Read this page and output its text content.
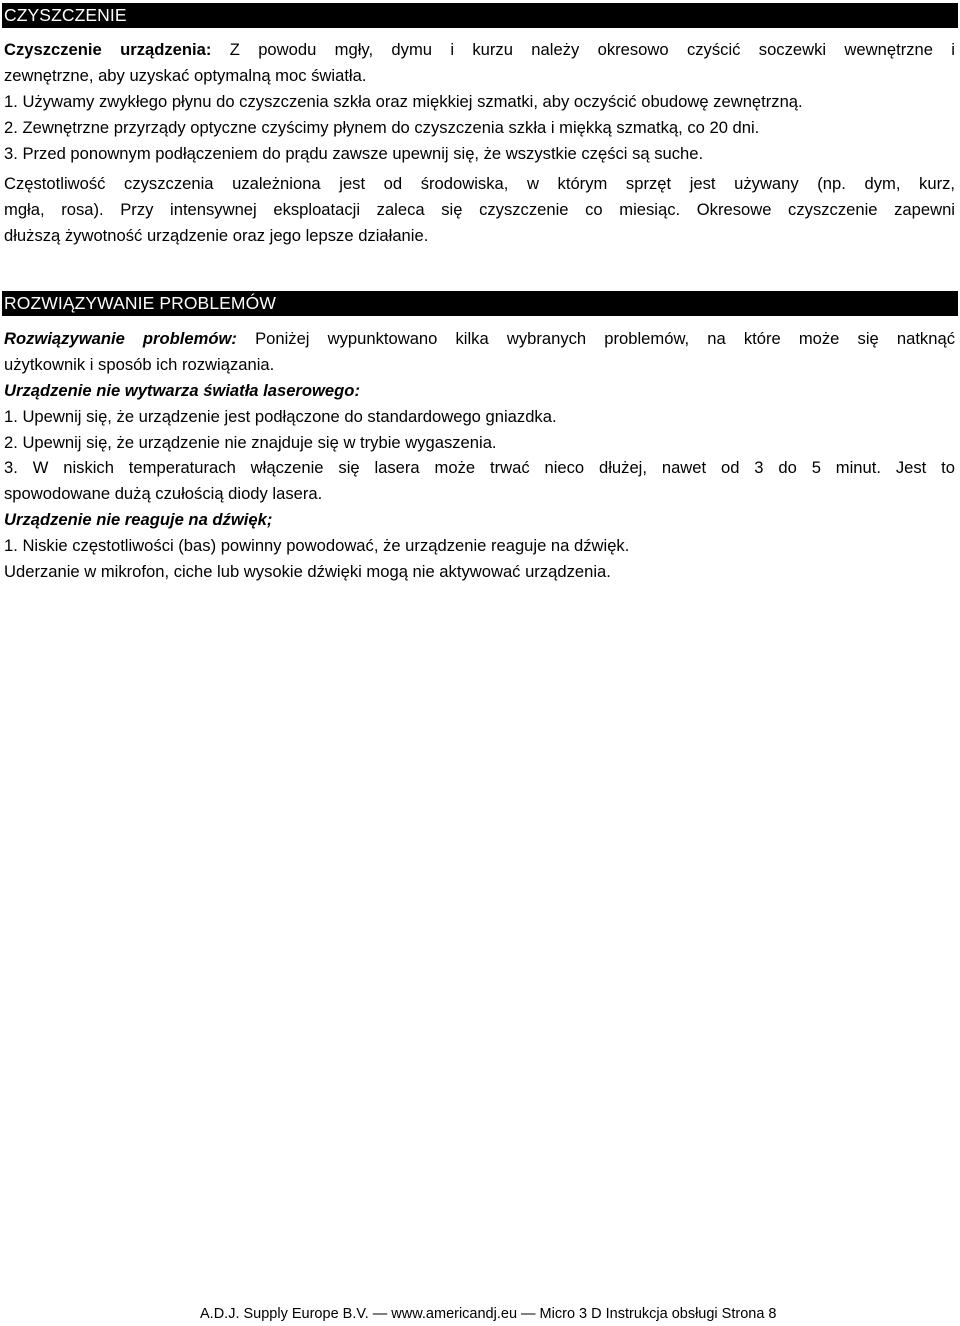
CZYSZCZENIE
Czyszczenie urządzenia: Z powodu mgły, dymu i kurzu należy okresowo czyścić soczewki wewnętrzne i
zewnętrzne, aby uzyskać optymalną moc światła.
1. Używamy zwykłego płynu do czyszczenia szkła oraz miękkiej szmatki, aby oczyścić obudowę zewnętrzną.
2. Zewnętrzne przyrządy optyczne czyścimy płynem do czyszczenia szkła i miękką szmatką, co 20 dni.
3. Przed ponownym podłączeniem do prądu zawsze upewnij się, że wszystkie części są suche.
Częstotliwość czyszczenia uzależniona jest od środowiska, w którym sprzęt jest używany (np. dym, kurz,
mgła, rosa). Przy intensywnej eksploatacji zaleca się czyszczenie co miesiąc. Okresowe czyszczenie zapewni
dłuższą żywotność urządzenie oraz jego lepsze działanie.
ROZWIĄZYWANIE PROBLEMÓW
Rozwiązywanie problemów: Poniżej wypunktowano kilka wybranych problemów, na które może się natknąć
użytkownik i sposób ich rozwiązania.
Urządzenie nie wytwarza światła laserowego:
1. Upewnij się, że urządzenie jest podłączone do standardowego gniazdka.
2. Upewnij się, że urządzenie nie znajduje się w trybie wygaszenia.
3. W niskich temperaturach włączenie się lasera może trwać nieco dłużej, nawet od 3 do 5 minut. Jest to
spowodowane dużą czułością diody lasera.
Urządzenie nie reaguje na dźwięk;
1. Niskie częstotliwości (bas) powinny powodować, że urządzenie reaguje na dźwięk.
Uderzanie w mikrofon, ciche lub wysokie dźwięki mogą nie aktywować urządzenia.
A.D.J. Supply Europe B.V. — www.americandj.eu — Micro 3 D Instrukcja obsługi Strona 8
